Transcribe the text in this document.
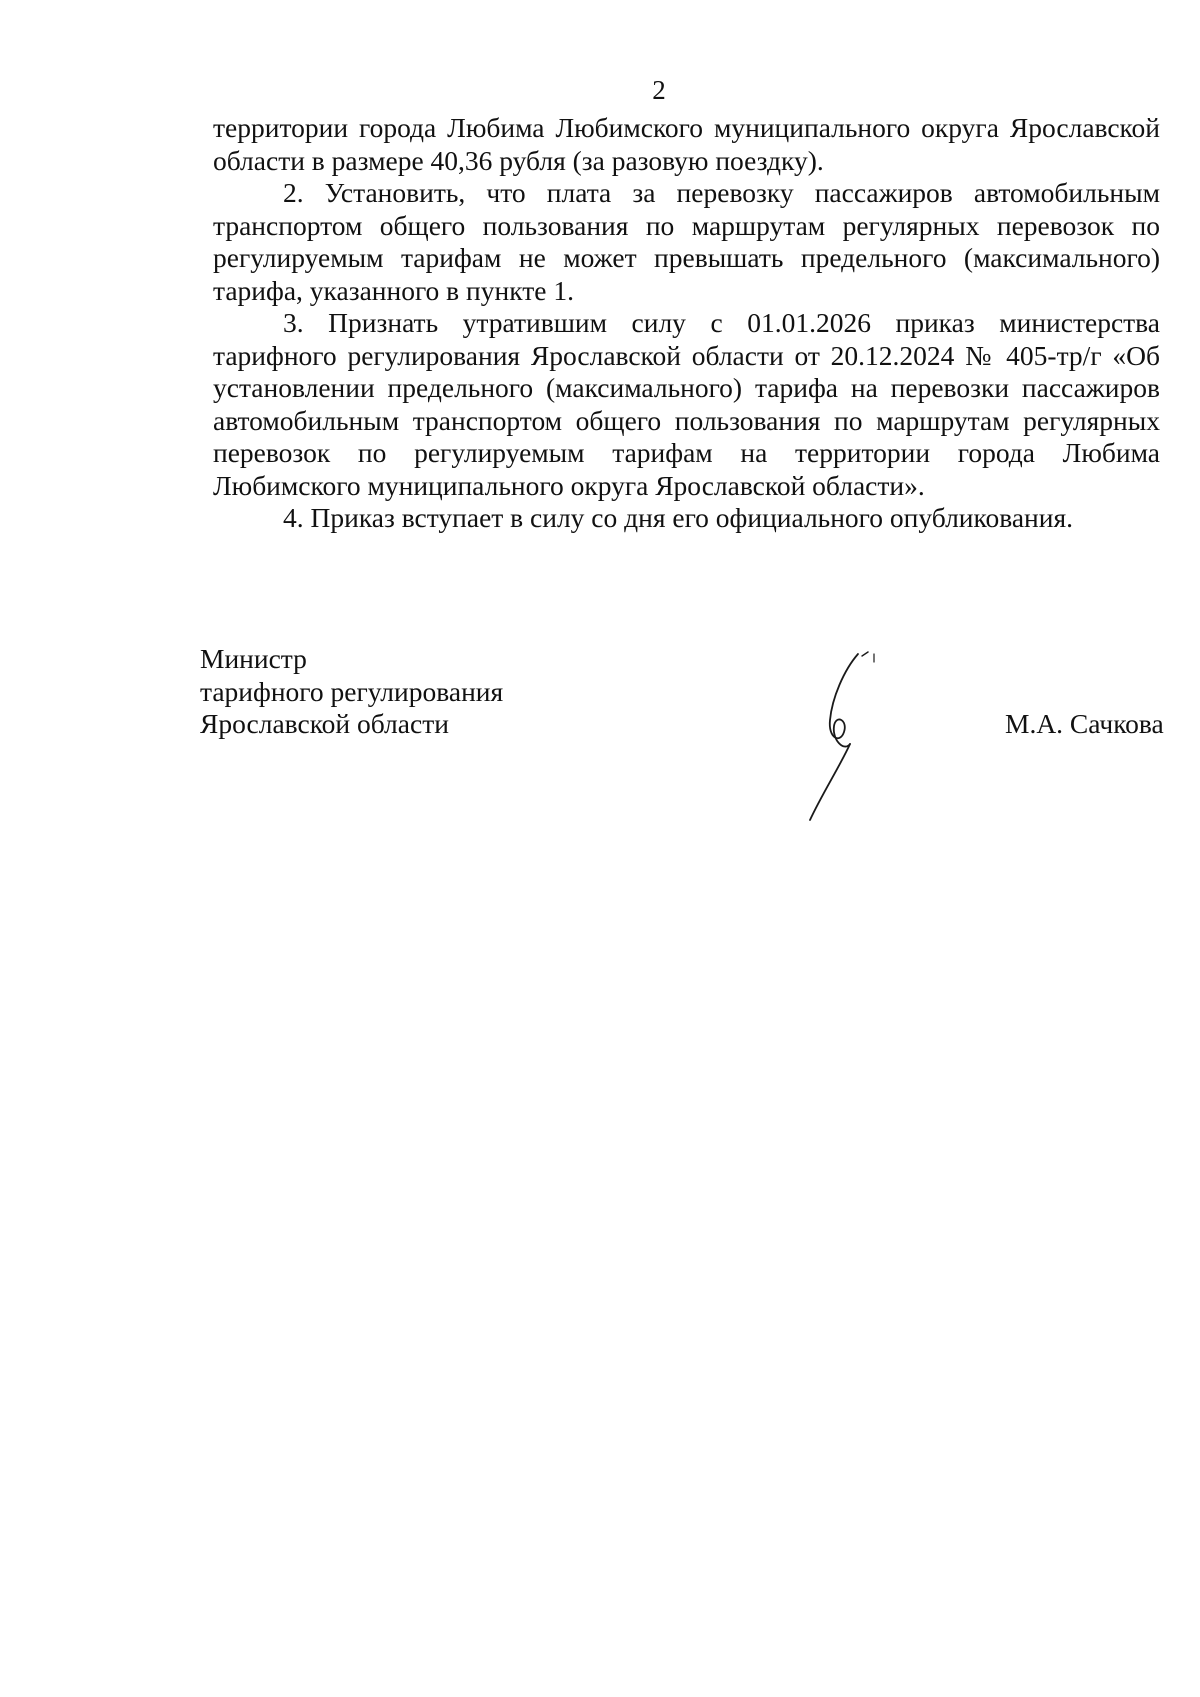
2

территории города Любима Любимского муниципального округа Ярославской области в размере 40,36 рубля (за разовую поездку).

2. Установить, что плата за перевозку пассажиров автомобильным транспортом общего пользования по маршрутам регулярных перевозок по регулируемым тарифам не может превышать предельного (максимального) тарифа, указанного в пункте 1.

3. Признать утратившим силу с 01.01.2026 приказ министерства тарифного регулирования Ярославской области от 20.12.2024 № 405-тр/г «Об установлении предельного (максимального) тарифа на перевозки пассажиров автомобильным транспортом общего пользования по маршрутам регулярных перевозок по регулируемым тарифам на территории города Любима Любимского муниципального округа Ярославской области».

4. Приказ вступает в силу со дня его официального опубликования.

Министр
тарифного регулирования
Ярославской области	М.А. Сачкова
